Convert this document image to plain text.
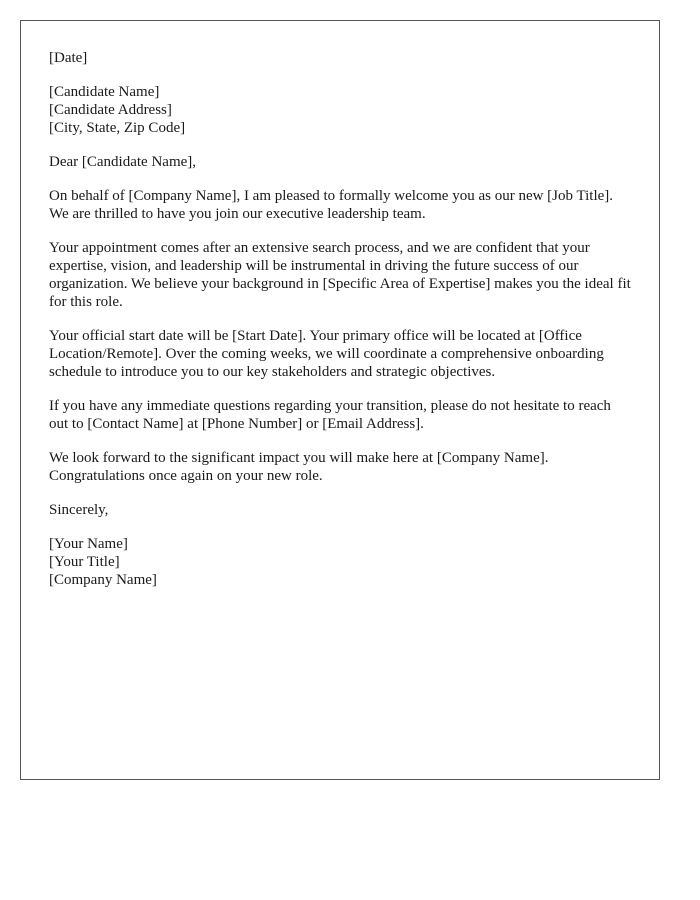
[Date]

[Candidate Name]
[Candidate Address]
[City, State, Zip Code]

Dear [Candidate Name],

On behalf of [Company Name], I am pleased to formally welcome you as our new [Job Title]. We are thrilled to have you join our executive leadership team.

Your appointment comes after an extensive search process, and we are confident that your expertise, vision, and leadership will be instrumental in driving the future success of our organization. We believe your background in [Specific Area of Expertise] makes you the ideal fit for this role.

Your official start date will be [Start Date]. Your primary office will be located at [Office Location/Remote]. Over the coming weeks, we will coordinate a comprehensive onboarding schedule to introduce you to our key stakeholders and strategic objectives.

If you have any immediate questions regarding your transition, please do not hesitate to reach out to [Contact Name] at [Phone Number] or [Email Address].

We look forward to the significant impact you will make here at [Company Name]. Congratulations once again on your new role.

Sincerely,

[Your Name]
[Your Title]
[Company Name]
